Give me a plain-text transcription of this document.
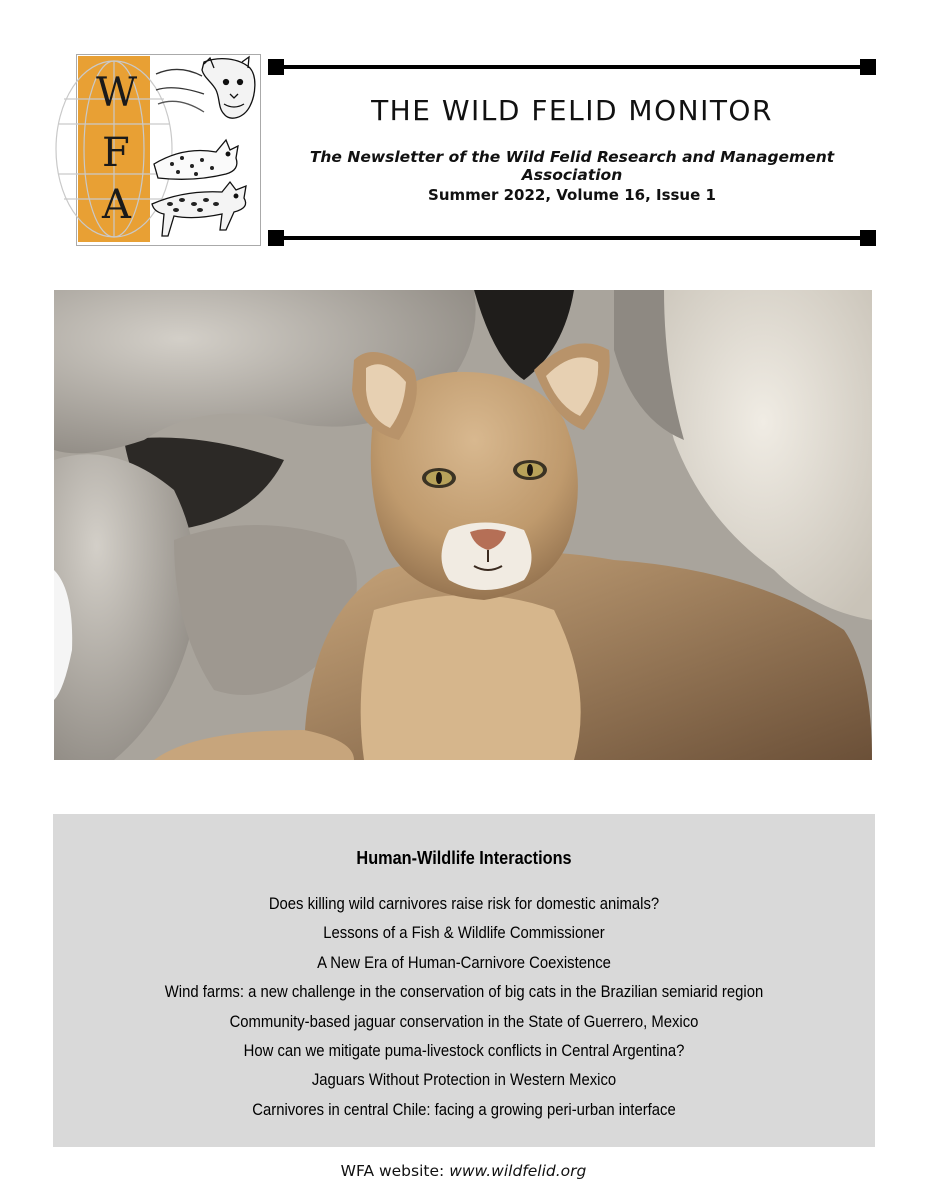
W
F
A
THE WILD FELID MONITOR
The Newsletter of the Wild Felid Research and Management Association
Summer 2022, Volume 16, Issue 1
Human-Wildlife Interactions
Does killing wild carnivores raise risk for domestic animals?
Lessons of a Fish & Wildlife Commissioner
A New Era of Human-Carnivore Coexistence
Wind farms: a new challenge in the conservation of big cats in the Brazilian semiarid region
Community-based jaguar conservation in the State of Guerrero, Mexico
How can we mitigate puma-livestock conflicts in Central Argentina?
Jaguars Without Protection in Western Mexico
Carnivores in central Chile: facing a growing peri-urban interface
WFA website: www.wildfelid.org
